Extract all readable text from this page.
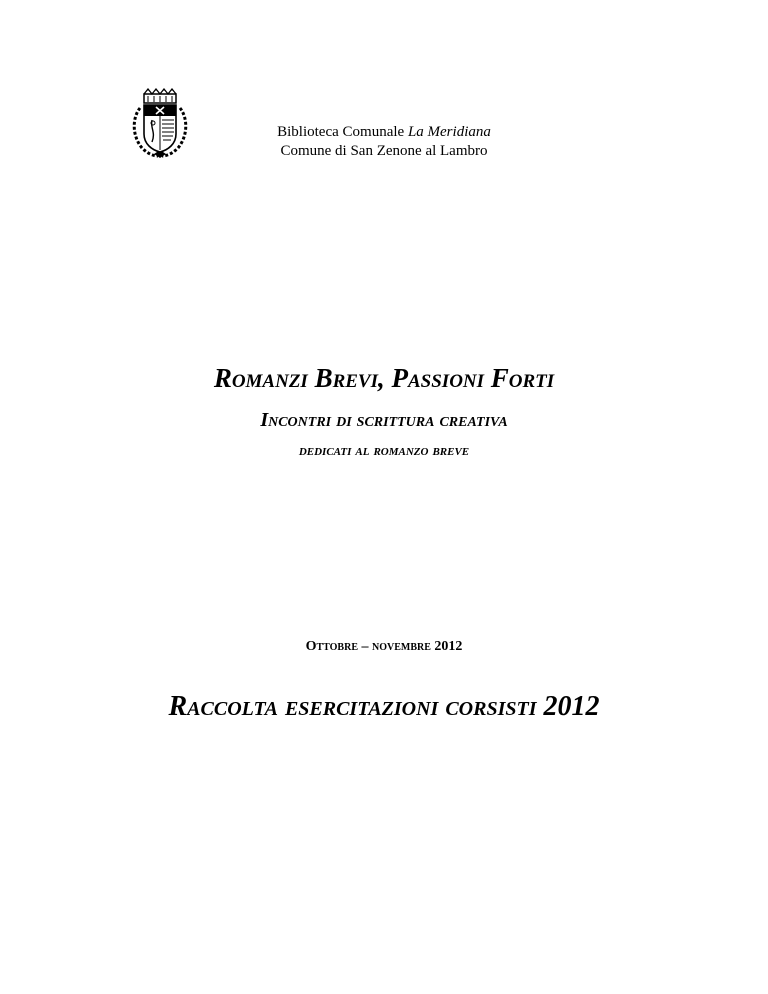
Biblioteca Comunale La Meridiana
Comune di San Zenone al Lambro
Romanzi Brevi, Passioni Forti
Incontri di scrittura creativa
dedicati al romanzo breve
Ottobre – novembre 2012
Raccolta esercitazioni corsisti 2012
